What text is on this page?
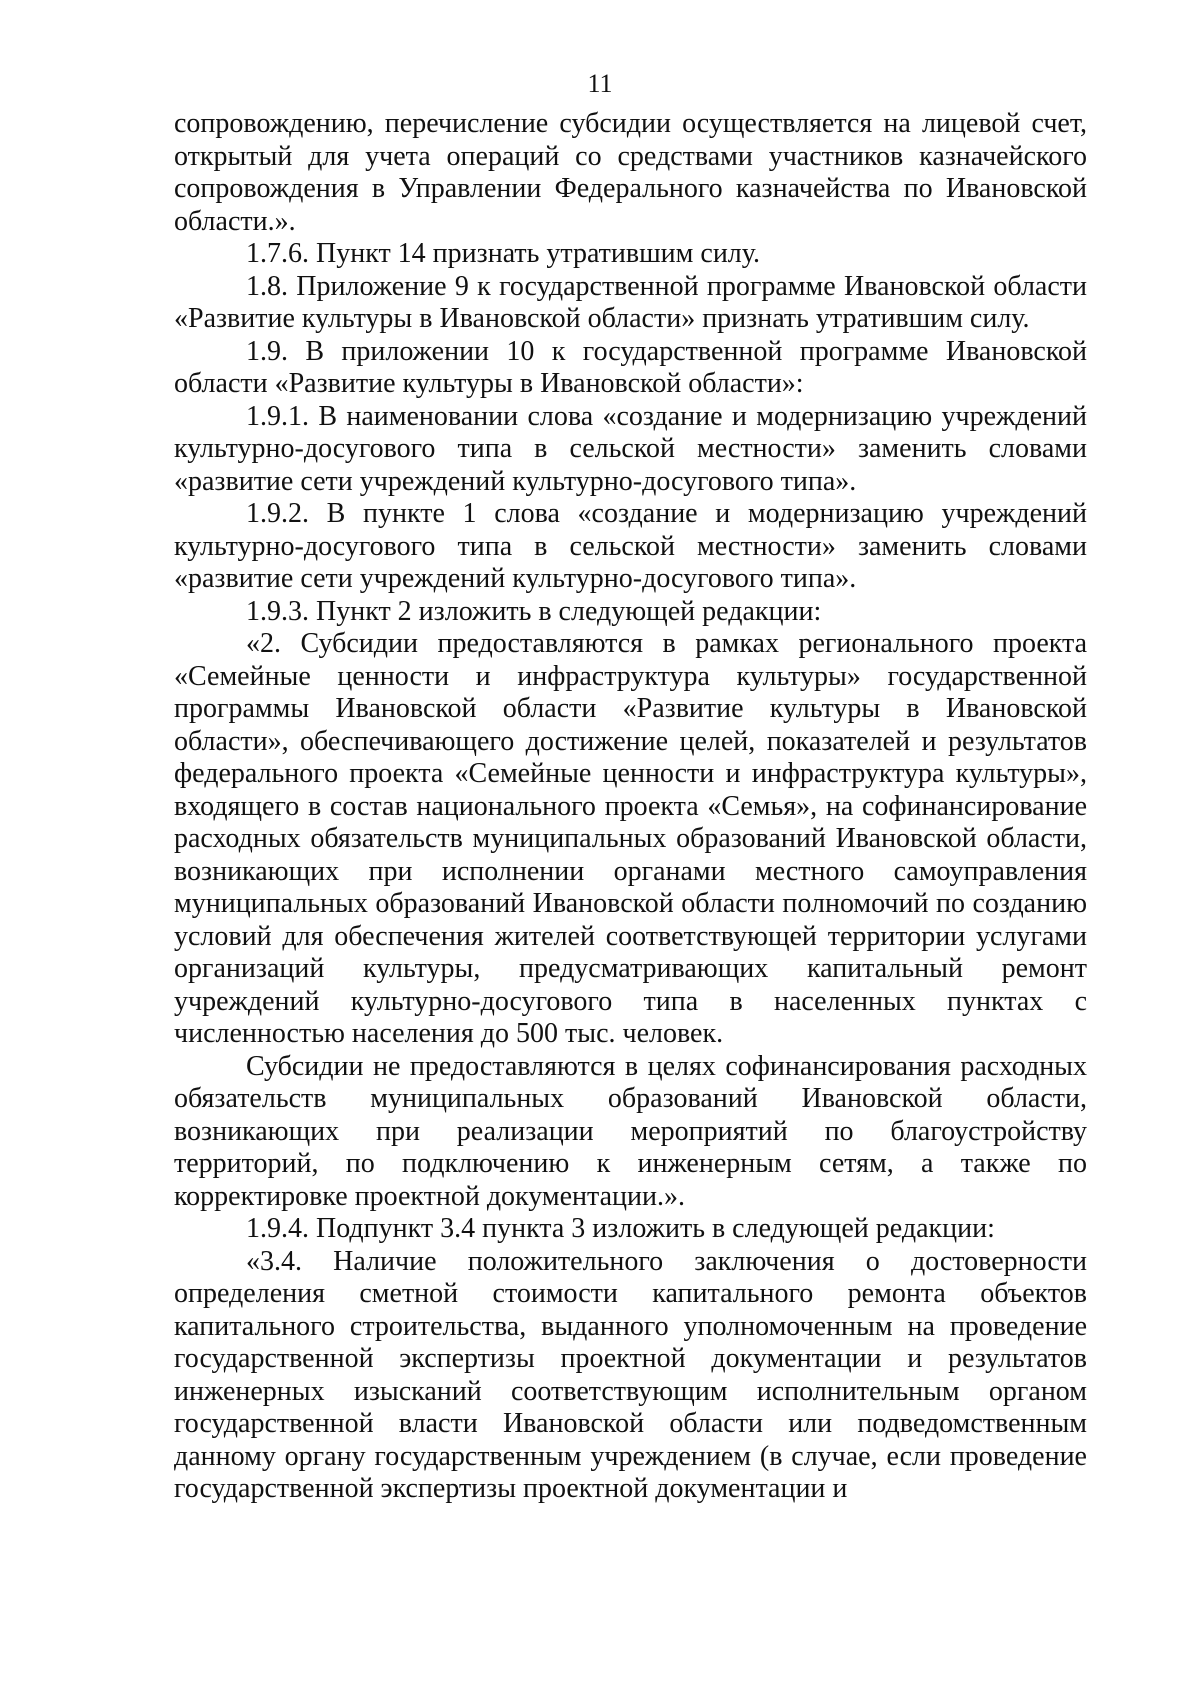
11

сопровождению, перечисление субсидии осуществляется на лицевой счет, открытый для учета операций со средствами участников казначейского сопровождения в Управлении Федерального казначейства по Ивановской области.».

1.7.6. Пункт 14 признать утратившим силу.

1.8. Приложение 9 к государственной программе Ивановской области «Развитие культуры в Ивановской области» признать утратившим силу.

1.9. В приложении 10 к государственной программе Ивановской области «Развитие культуры в Ивановской области»:

1.9.1. В наименовании слова «создание и модернизацию учреждений культурно-досугового типа в сельской местности» заменить словами «развитие сети учреждений культурно-досугового типа».

1.9.2. В пункте 1 слова «создание и модернизацию учреждений культурно-досугового типа в сельской местности» заменить словами «развитие сети учреждений культурно-досугового типа».

1.9.3. Пункт 2 изложить в следующей редакции:

«2. Субсидии предоставляются в рамках регионального проекта «Семейные ценности и инфраструктура культуры» государственной программы Ивановской области «Развитие культуры в Ивановской области», обеспечивающего достижение целей, показателей и результатов федерального проекта «Семейные ценности и инфраструктура культуры», входящего в состав национального проекта «Семья», на софинансирование расходных обязательств муниципальных образований Ивановской области, возникающих при исполнении органами местного самоуправления муниципальных образований Ивановской области полномочий по созданию условий для обеспечения жителей соответствующей территории услугами организаций культуры, предусматривающих капитальный ремонт учреждений культурно-досугового типа в населенных пунктах с численностью населения до 500 тыс. человек.

Субсидии не предоставляются в целях софинансирования расходных обязательств муниципальных образований Ивановской области, возникающих при реализации мероприятий по благоустройству территорий, по подключению к инженерным сетям, а также по корректировке проектной документации.».

1.9.4. Подпункт 3.4 пункта 3 изложить в следующей редакции:

«3.4. Наличие положительного заключения о достоверности определения сметной стоимости капитального ремонта объектов капитального строительства, выданного уполномоченным на проведение государственной экспертизы проектной документации и результатов инженерных изысканий соответствующим исполнительным органом государственной власти Ивановской области или подведомственным данному органу государственным учреждением (в случае, если проведение государственной экспертизы проектной документации и
